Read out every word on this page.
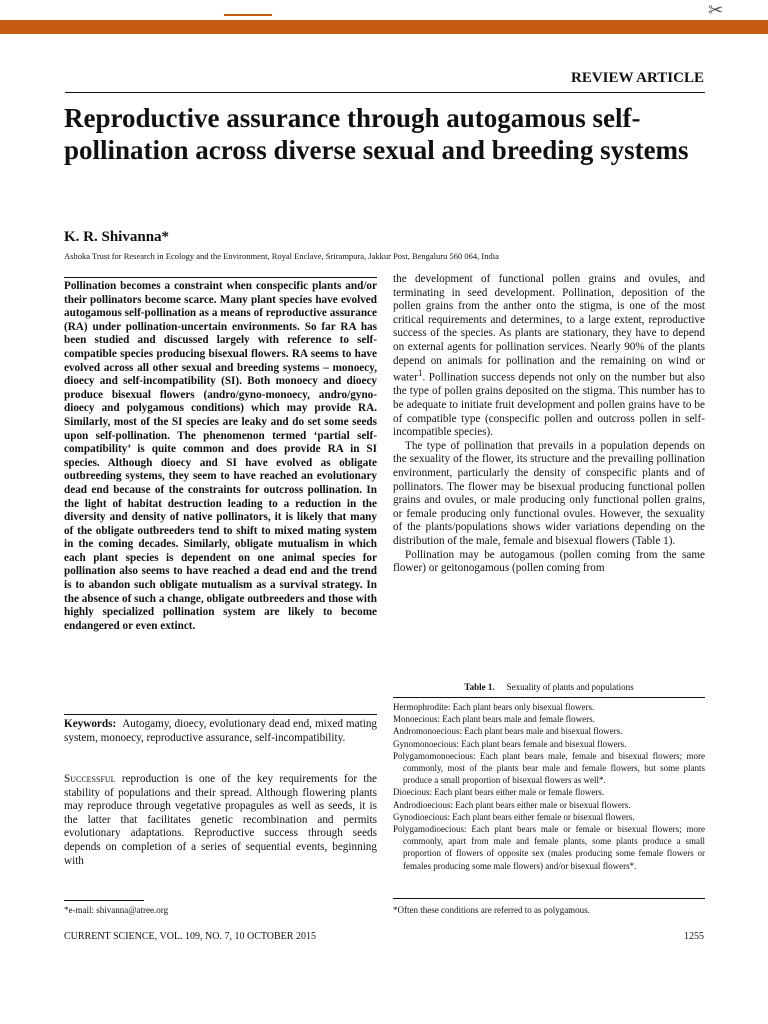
✂
REVIEW ARTICLE
Reproductive assurance through autogamous self-pollination across diverse sexual and breeding systems
K. R. Shivanna*
Ashoka Trust for Research in Ecology and the Environment, Royal Enclave, Srirampura, Jakkur Post, Bengaluru 560 064, India

Pollination becomes a constraint when conspecific plants and/or their pollinators become scarce. Many plant species have evolved autogamous self-pollination as a means of reproductive assurance (RA) under pollination-uncertain environments. So far RA has been studied and discussed largely with reference to self-compatible species producing bisexual flowers. RA seems to have evolved across all other sexual and breeding systems – monoecy, dioecy and self-incompatibility (SI). Both monoecy and dioecy produce bisexual flowers (andro/gyno-monoecy, andro/gyno-dioecy and polygamous conditions) which may provide RA. Similarly, most of the SI species are leaky and do set some seeds upon self-pollination. The phenomenon termed ‘partial self-compatibility’ is quite common and does provide RA in SI species. Although dioecy and SI have evolved as obligate outbreeding systems, they seem to have reached an evolutionary dead end because of the constraints for outcross pollination. In the light of habitat destruction leading to a reduction in the diversity and density of native pollinators, it is likely that many of the obligate outbreeders tend to shift to mixed mating system in the coming decades. Similarly, obligate mutualism in which each plant species is dependent on one animal species for pollination also seems to have reached a dead end and the trend is to abandon such obligate mutualism as a survival strategy. In the absence of such a change, obligate outbreeders and those with highly specialized pollination system are likely to become endangered or even extinct.

Keywords: Autogamy, dioecy, evolutionary dead end, mixed mating system, monoecy, reproductive assurance, self-incompatibility.

Successful reproduction is one of the key requirements for the stability of populations and their spread. Although flowering plants may reproduce through vegetative propagules as well as seeds, it is the latter that facilitates genetic recombination and permits evolutionary adaptations. Reproductive success through seeds depends on completion of a series of sequential events, beginning with

the development of functional pollen grains and ovules, and terminating in seed development. Pollination, deposition of the pollen grains from the anther onto the stigma, is one of the most critical requirements and determines, to a large extent, reproductive success of the species. As plants are stationary, they have to depend on external agents for pollination services. Nearly 90% of the plants depend on animals for pollination and the remaining on wind or water$^1$. Pollination success depends not only on the number but also the type of pollen grains deposited on the stigma. This number has to be adequate to initiate fruit development and pollen grains have to be of compatible type (conspecific pollen and outcross pollen in self-incompatible species).

The type of pollination that prevails in a population depends on the sexuality of the flower, its structure and the prevailing pollination environment, particularly the density of conspecific plants and of pollinators. The flower may be bisexual producing functional pollen grains and ovules, or male producing only functional pollen grains, or female producing only functional ovules. However, the sexuality of the plants/populations shows wider variations depending on the distribution of the male, female and bisexual flowers (Table 1).

Pollination may be autogamous (pollen coming from the same flower) or geitonogamous (pollen coming from

Table 1. Sexuality of plants and populations

Hermophrodite: Each plant bears only bisexual flowers.

Monoecious: Each plant bears male and female flowers.

Andromonoecious: Each plant bears male and bisexual flowers.

Gynomonoecious: Each plant bears female and bisexual flowers.

Polygamomonoecious: Each plant bears male, female and bisexual flowers; more commonly, most of the plants bear male and female flowers, but some plants produce a small proportion of bisexual flowers as well*.

Dioecious: Each plant bears either male or female flowers.

Androdioecious: Each plant bears either male or bisexual flowers.

Gynodioecious: Each plant bears either female or bisexual flowers.

Polygamodioecious: Each plant bears male or female or bisexual flowers; more commonly, apart from male and female plants, some plants produce a small proportion of flowers of opposite sex (males producing some female flowers or females producing some male flowers) and/or bisexual flowers*.

*Often these conditions are referred to as polygamous.
*e-mail: shivanna@atree.org
CURRENT SCIENCE, VOL. 109, NO. 7, 10 OCTOBER 2015	1255
